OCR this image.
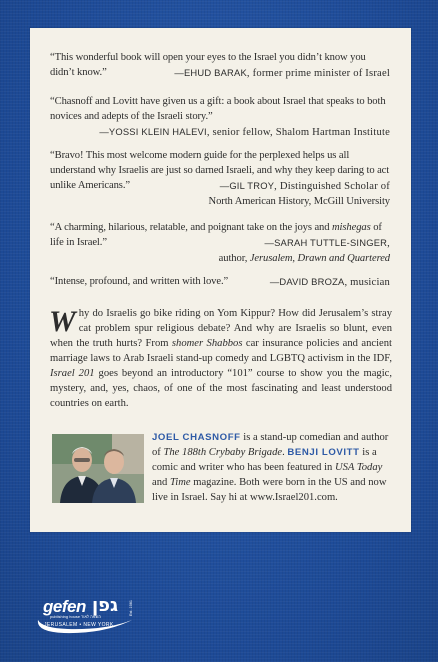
“This wonderful book will open your eyes to the Israel you didn’t know you didn’t know.”	—EHUD BARAK, former prime minister of Israel
“Chasnoff and Lovitt have given us a gift: a book about Israel that speaks to both novices and adepts of the Israeli story.”
—YOSSI KLEIN HALEVI, senior fellow, Shalom Hartman Institute
“Bravo! This most welcome modern guide for the perplexed helps us all understand why Israelis are just so darned Israeli, and why they keep daring to act unlike Americans.”	—GIL TROY, Distinguished Scholar of
North American History, McGill University
“A charming, hilarious, relatable, and poignant take on the joys and mishegas of life in Israel.”	—SARAH TUTTLE-SINGER,
author, Jerusalem, Drawn and Quartered
“Intense, profound, and written with love.”	—DAVID BROZA, musician
Why do Israelis go bike riding on Yom Kippur? How did Jerusalem’s stray cat problem spur religious debate? And why are Israelis so blunt, even when the truth hurts? From shomer Shabbos car insurance policies and ancient marriage laws to Arab Israeli stand-up comedy and LGBTQ activism in the IDF, Israel 201 goes beyond an introductory “101” course to show you the magic, mystery, and, yes, chaos, of one of the most fascinating and least understood countries on earth.
JOEL CHASNOFF is a stand-up comedian and author of The 188th Crybaby Brigade. BENJI LOVITT is a comic and writer who has been featured in USA Today and Time magazine. Both were born in the US and now live in Israel. Say hi at www.Israel201.com.
gefen גפן
publishing house הוצאה לאור
JERUSALEM • NEW YORK
Est. 1981
